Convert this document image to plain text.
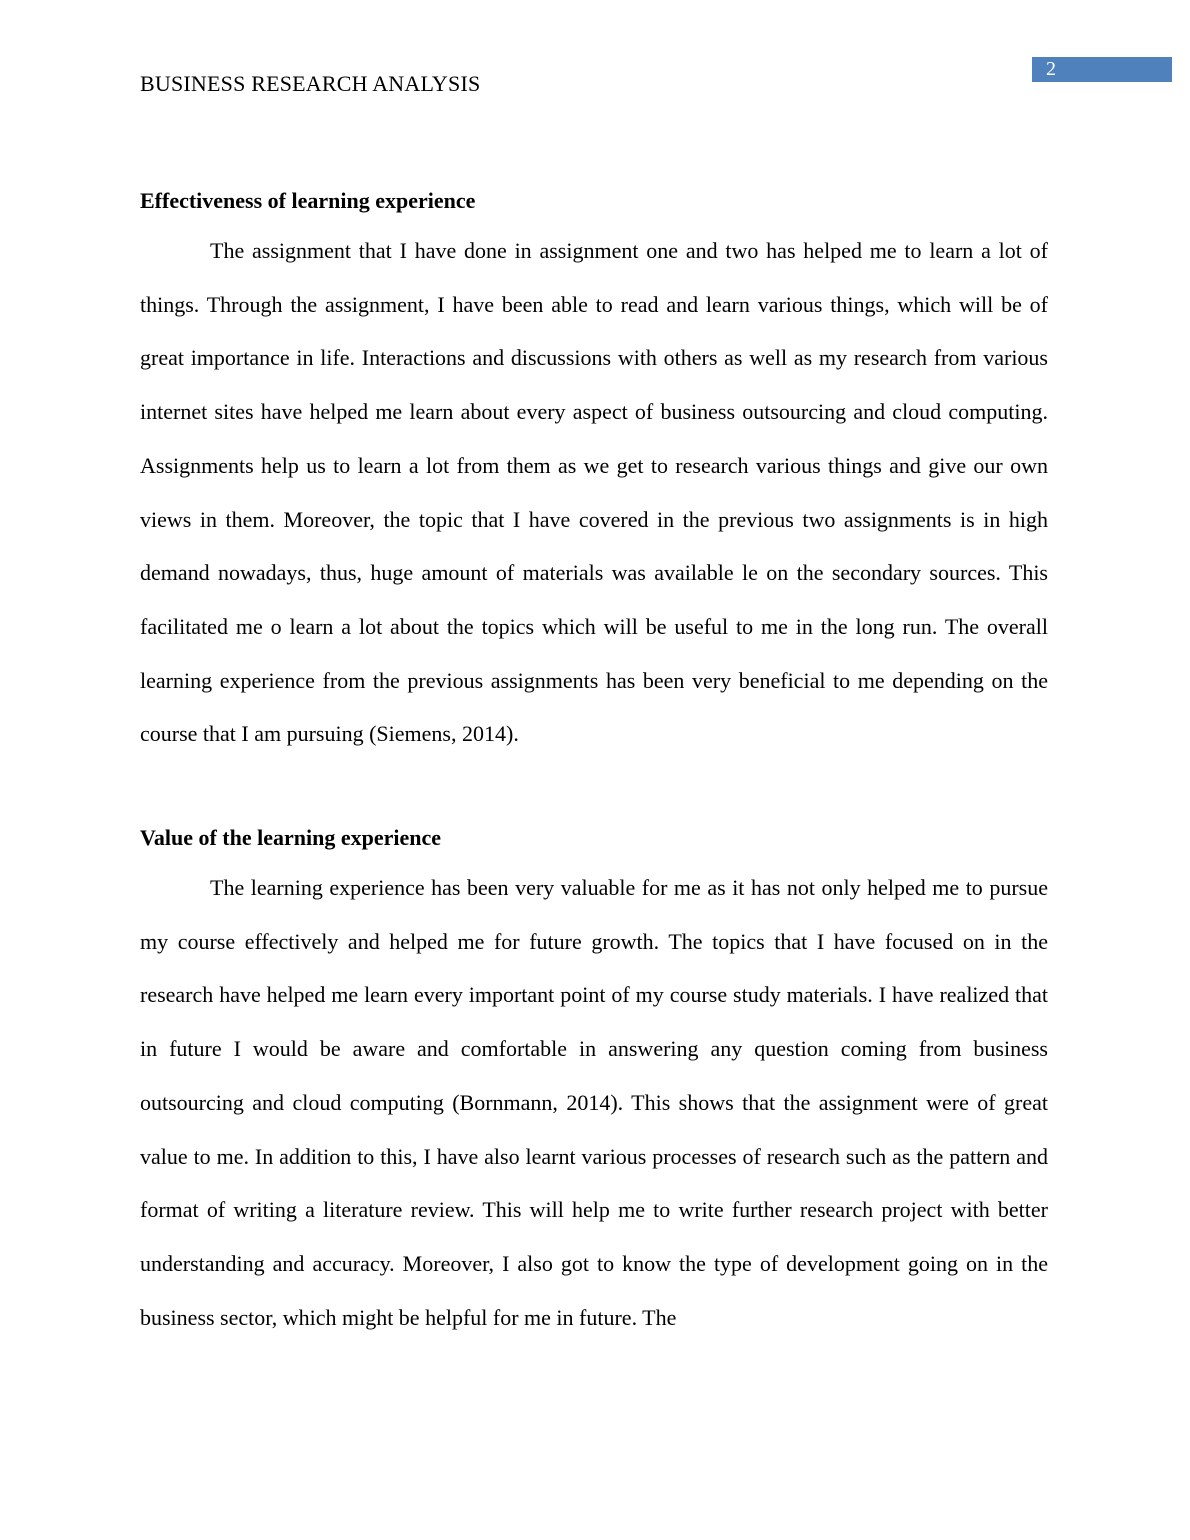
BUSINESS RESEARCH ANALYSIS
2
Effectiveness of learning experience

The assignment that I have done in assignment one and two has helped me to learn a lot of things. Through the assignment, I have been able to read and learn various things, which will be of great importance in life. Interactions and discussions with others as well as my research from various internet sites have helped me learn about every aspect of business outsourcing and cloud computing. Assignments help us to learn a lot from them as we get to research various things and give our own views in them. Moreover, the topic that I have covered in the previous two assignments is in high demand nowadays, thus, huge amount of materials was available le on the secondary sources. This facilitated me o learn a lot about the topics which will be useful to me in the long run. The overall learning experience from the previous assignments has been very beneficial to me depending on the course that I am pursuing (Siemens, 2014).

Value of the learning experience

The learning experience has been very valuable for me as it has not only helped me to pursue my course effectively and helped me for future growth. The topics that I have focused on in the research have helped me learn every important point of my course study materials. I have realized that in future I would be aware and comfortable in answering any question coming from business outsourcing and cloud computing (Bornmann, 2014). This shows that the assignment were of great value to me. In addition to this, I have also learnt various processes of research such as the pattern and format of writing a literature review. This will help me to write further research project with better understanding and accuracy. Moreover, I also got to know the type of development going on in the business sector, which might be helpful for me in future. The
